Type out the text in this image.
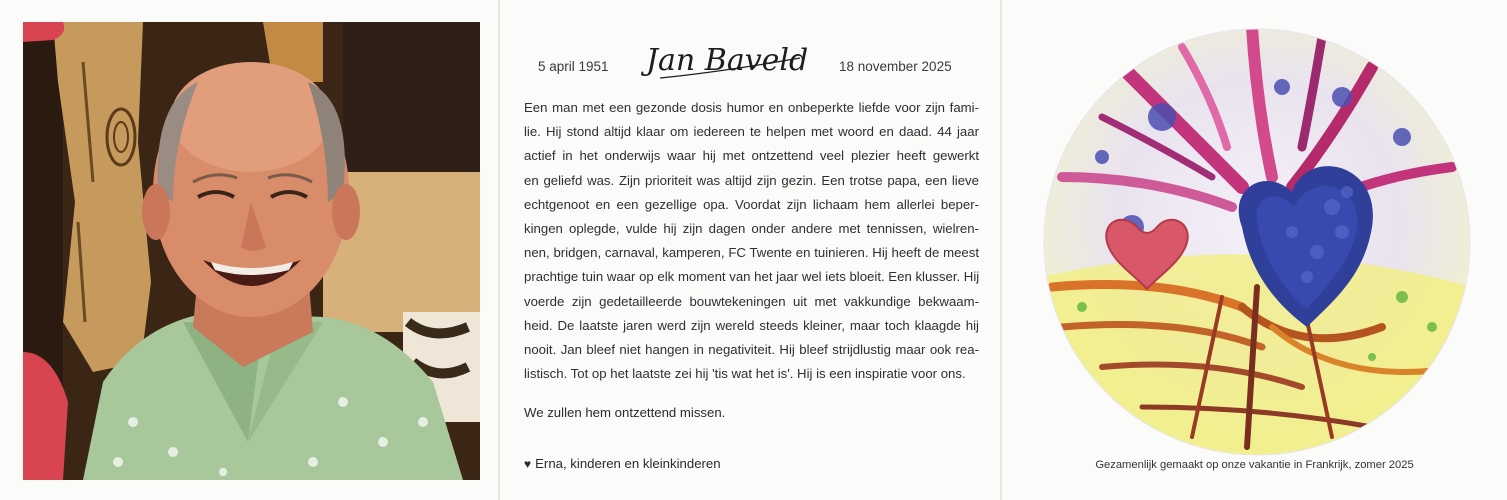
5 april 1951 Jan Baveld 18 november 2025
Een man met een gezonde dosis humor en onbeperkte liefde voor zijn fami-
lie. Hij stond altijd klaar om iedereen te helpen met woord en daad. 44 jaar
actief in het onderwijs waar hij met ontzettend veel plezier heeft gewerkt
en geliefd was. Zijn prioriteit was altijd zijn gezin. Een trotse papa, een lieve
echtgenoot en een gezellige opa. Voordat zijn lichaam hem allerlei beper-
kingen oplegde, vulde hij zijn dagen onder andere met tennissen, wielren-
nen, bridgen, carnaval, kamperen, FC Twente en tuinieren. Hij heeft de meest
prachtige tuin waar op elk moment van het jaar wel iets bloeit. Een klusser. Hij
voerde zijn gedetailleerde bouwtekeningen uit met vakkundige bekwaam-
heid. De laatste jaren werd zijn wereld steeds kleiner, maar toch klaagde hij
nooit. Jan bleef niet hangen in negativiteit. Hij bleef strijdlustig maar ook rea-
listisch. Tot op het laatste zei hij 'tis wat het is'. Hij is een inspiratie voor ons.
We zullen hem ontzettend missen.
♥ Erna, kinderen en kleinkinderen	Gezamenlijk gemaakt op onze vakantie in Frankrijk, zomer 2025
